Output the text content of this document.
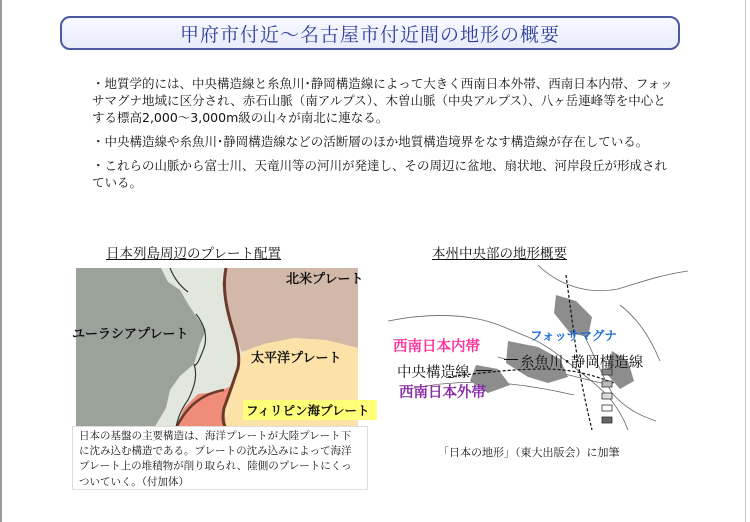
甲府市付近～名古屋市付近間の地形の概要

・地質学的には、中央構造線と糸魚川･静岡構造線によって大きく西南日本外帯、西南日本内帯、フォッサマグナ地域に区分され、赤石山脈（南アルプス）、木曽山脈（中央アルプス）、八ヶ岳連峰等を中心とする標高2,000～3,000m級の山々が南北に連なる。

・中央構造線や糸魚川･静岡構造線などの活断層のほか地質構造境界をなす構造線が存在している。

・これらの山脈から富士川、天竜川等の河川が発達し、その周辺に盆地、扇状地、河岸段丘が形成されている。

日本列島周辺のプレート配置
北米プレート
ユーラシアプレート
太平洋プレート
フィリピン海プレート
日本の基盤の主要構造は、海洋プレートが大陸プレート下に沈み込む構造である。プレートの沈み込みによって海洋プレート上の堆積物が削り取られ、陸側のプレートにくっついていく。（付加体）
本州中央部の地形概要
西南日本内帯
フォッサマグナ
糸魚川･静岡構造線
中央構造線
西南日本外帯
「日本の地形」（東大出版会）に加筆
